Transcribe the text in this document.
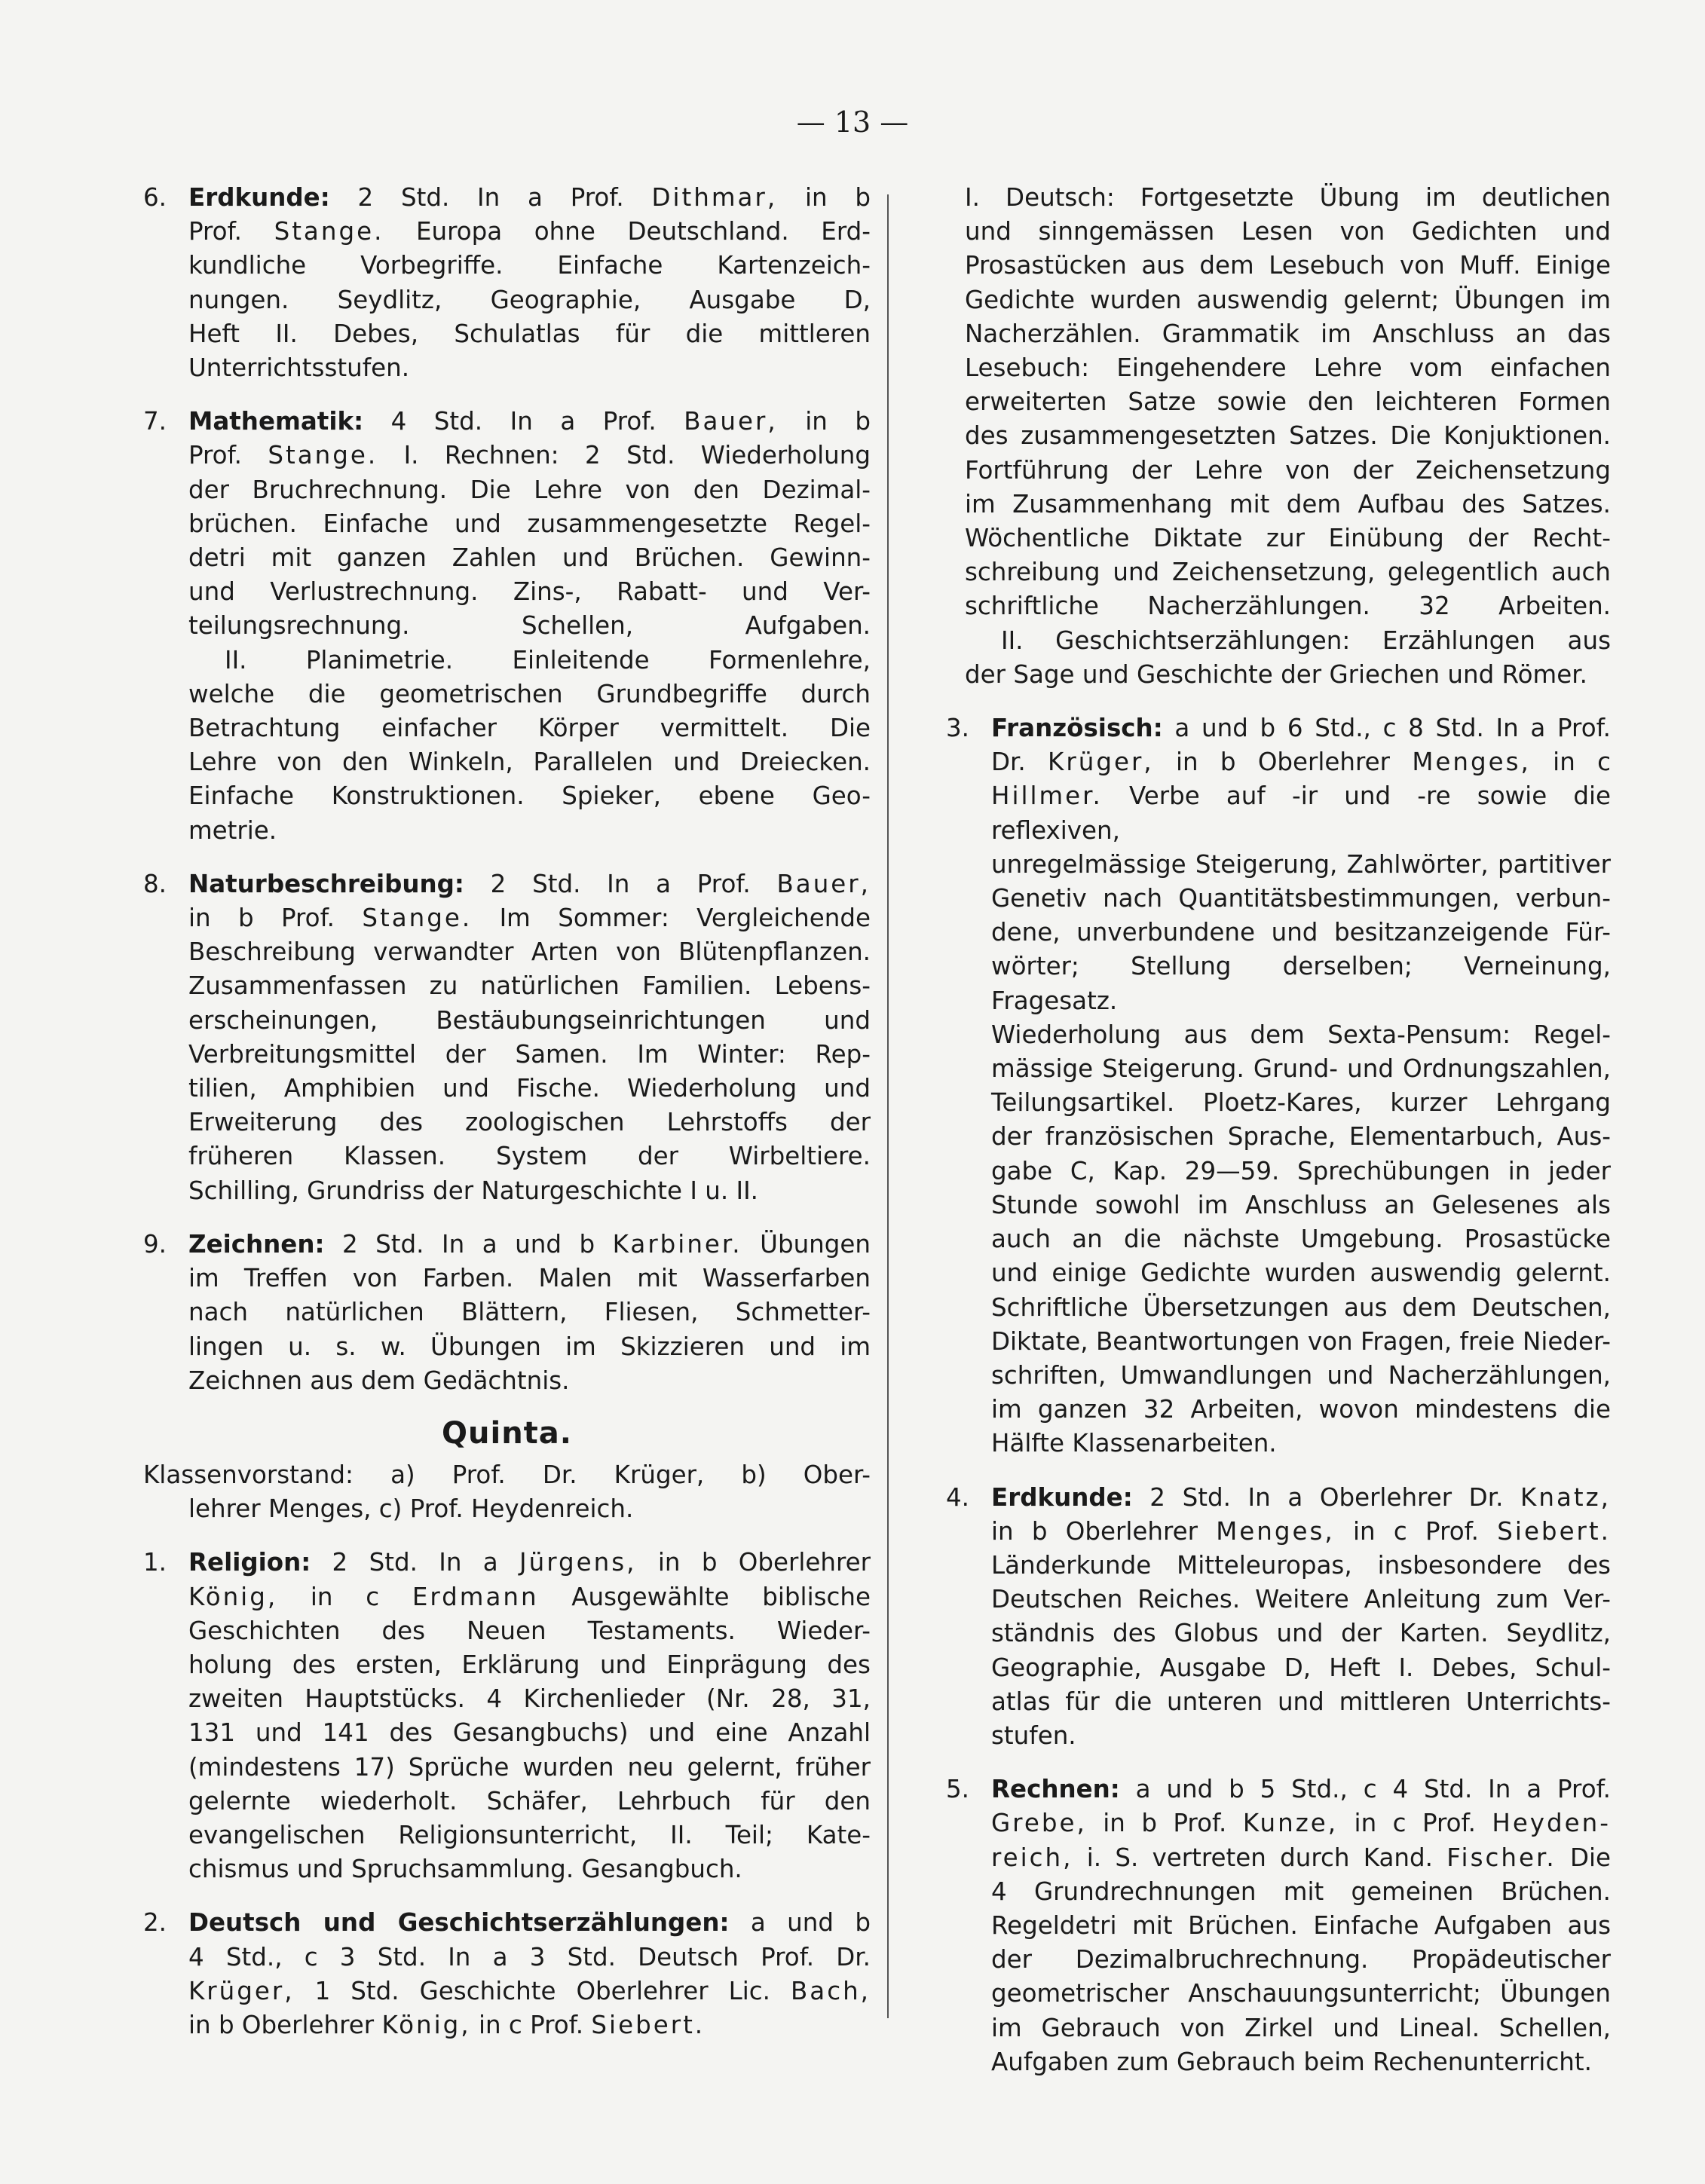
— 13 —
6. Erdkunde: 2 Std. In a Prof. Dithmar, in b
Prof. Stange. Europa ohne Deutschland. Erd-
kundliche Vorbegriffe. Einfache Kartenzeich-
nungen. Seydlitz, Geographie, Ausgabe D,
Heft II. Debes, Schulatlas für die mittleren
Unterrichtsstufen.
7. Mathematik: 4 Std. In a Prof. Bauer, in b
Prof. Stange. I. Rechnen: 2 Std. Wiederholung
der Bruchrechnung. Die Lehre von den Dezimal-
brüchen. Einfache und zusammengesetzte Regel-
detri mit ganzen Zahlen und Brüchen. Gewinn-
und Verlustrechnung. Zins-, Rabatt- und Ver-
teilungsrechnung. Schellen, Aufgaben.
II. Planimetrie. Einleitende Formenlehre,
welche die geometrischen Grundbegriffe durch
Betrachtung einfacher Körper vermittelt. Die
Lehre von den Winkeln, Parallelen und Dreiecken.
Einfache Konstruktionen. Spieker, ebene Geo-
metrie.
8. Naturbeschreibung: 2 Std. In a Prof. Bauer,
in b Prof. Stange. Im Sommer: Vergleichende
Beschreibung verwandter Arten von Blütenpflanzen.
Zusammenfassen zu natürlichen Familien. Lebens-
erscheinungen, Bestäubungseinrichtungen und
Verbreitungsmittel der Samen. Im Winter: Rep-
tilien, Amphibien und Fische. Wiederholung und
Erweiterung des zoologischen Lehrstoffs der
früheren Klassen. System der Wirbeltiere.
Schilling, Grundriss der Naturgeschichte I u. II.
9. Zeichnen: 2 Std. In a und b Karbiner. Übungen
im Treffen von Farben. Malen mit Wasserfarben
nach natürlichen Blättern, Fliesen, Schmetter-
lingen u. s. w. Übungen im Skizzieren und im
Zeichnen aus dem Gedächtnis.
Quinta.
Klassenvorstand: a) Prof. Dr. Krüger, b) Ober-
lehrer Menges, c) Prof. Heydenreich.
1. Religion: 2 Std. In a Jürgens, in b Oberlehrer
König, in c Erdmann Ausgewählte biblische
Geschichten des Neuen Testaments. Wieder-
holung des ersten, Erklärung und Einprägung des
zweiten Hauptstücks. 4 Kirchenlieder (Nr. 28, 31,
131 und 141 des Gesangbuchs) und eine Anzahl
(mindestens 17) Sprüche wurden neu gelernt, früher
gelernte wiederholt. Schäfer, Lehrbuch für den
evangelischen Religionsunterricht, II. Teil; Kate-
chismus und Spruchsammlung. Gesangbuch.
2. Deutsch und Geschichtserzählungen: a und b
4 Std., c 3 Std. In a 3 Std. Deutsch Prof. Dr.
Krüger, 1 Std. Geschichte Oberlehrer Lic. Bach,
in b Oberlehrer König, in c Prof. Siebert.
I. Deutsch: Fortgesetzte Übung im deutlichen
und sinngemässen Lesen von Gedichten und
Prosastücken aus dem Lesebuch von Muff. Einige
Gedichte wurden auswendig gelernt; Übungen im
Nacherzählen. Grammatik im Anschluss an das
Lesebuch: Eingehendere Lehre vom einfachen
erweiterten Satze sowie den leichteren Formen
des zusammengesetzten Satzes. Die Konjuktionen.
Fortführung der Lehre von der Zeichensetzung
im Zusammenhang mit dem Aufbau des Satzes.
Wöchentliche Diktate zur Einübung der Recht-
schreibung und Zeichensetzung, gelegentlich auch
schriftliche Nacherzählungen. 32 Arbeiten.
II. Geschichtserzählungen: Erzählungen aus
der Sage und Geschichte der Griechen und Römer.
3. Französisch: a und b 6 Std., c 8 Std. In a Prof.
Dr. Krüger, in b Oberlehrer Menges, in c
Hillmer. Verbe auf -ir und -re sowie die reflexiven,
unregelmässige Steigerung, Zahlwörter, partitiver
Genetiv nach Quantitätsbestimmungen, verbun-
dene, unverbundene und besitzanzeigende Für-
wörter; Stellung derselben; Verneinung, Fragesatz.
Wiederholung aus dem Sexta-Pensum: Regel-
mässige Steigerung. Grund- und Ordnungszahlen,
Teilungsartikel. Ploetz-Kares, kurzer Lehrgang
der französischen Sprache, Elementarbuch, Aus-
gabe C, Kap. 29—59. Sprechübungen in jeder
Stunde sowohl im Anschluss an Gelesenes als
auch an die nächste Umgebung. Prosastücke
und einige Gedichte wurden auswendig gelernt.
Schriftliche Übersetzungen aus dem Deutschen,
Diktate, Beantwortungen von Fragen, freie Nieder-
schriften, Umwandlungen und Nacherzählungen,
im ganzen 32 Arbeiten, wovon mindestens die
Hälfte Klassenarbeiten.
4. Erdkunde: 2 Std. In a Oberlehrer Dr. Knatz,
in b Oberlehrer Menges, in c Prof. Siebert.
Länderkunde Mitteleuropas, insbesondere des
Deutschen Reiches. Weitere Anleitung zum Ver-
ständnis des Globus und der Karten. Seydlitz,
Geographie, Ausgabe D, Heft I. Debes, Schul-
atlas für die unteren und mittleren Unterrichts-
stufen.
5. Rechnen: a und b 5 Std., c 4 Std. In a Prof.
Grebe, in b Prof. Kunze, in c Prof. Heyden-
reich, i. S. vertreten durch Kand. Fischer. Die
4 Grundrechnungen mit gemeinen Brüchen.
Regeldetri mit Brüchen. Einfache Aufgaben aus
der Dezimalbruchrechnung. Propädeutischer
geometrischer Anschauungsunterricht; Übungen
im Gebrauch von Zirkel und Lineal. Schellen,
Aufgaben zum Gebrauch beim Rechenunterricht.
